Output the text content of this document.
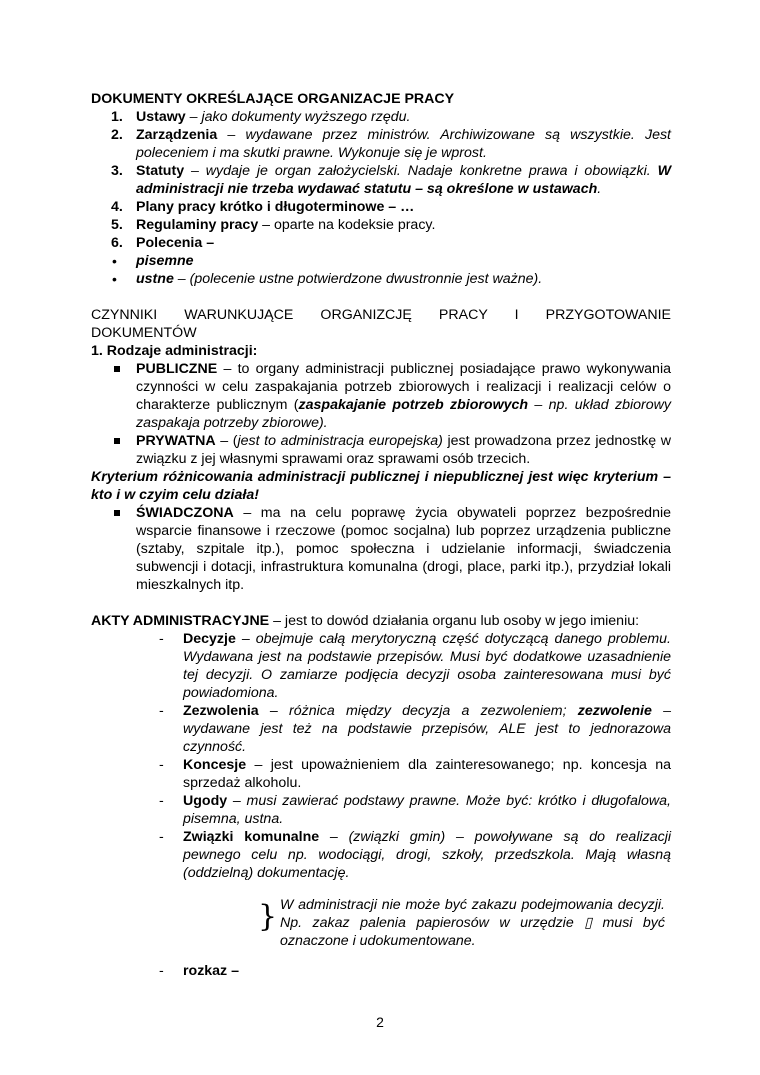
DOKUMENTY OKREŚLAJĄCE ORGANIZACJE PRACY

1. Ustawy – jako dokumenty wyższego rzędu.
2. Zarządzenia – wydawane przez ministrów. Archiwizowane są wszystkie. Jest poleceniem i ma skutki prawne. Wykonuje się je wprost.
3. Statuty – wydaje je organ założycielski. Nadaje konkretne prawa i obowiązki. W administracji nie trzeba wydawać statutu – są określone w ustawach.
4. Plany pracy krótko i długoterminowe – …
5. Regulaminy pracy – oparte na kodeksie pracy.
6. Polecenia –
• pisemne
• ustne – (polecenie ustne potwierdzone dwustronnie jest ważne).

CZYNNIKI WARUNKUJĄCE ORGANIZCJĘ PRACY I PRZYGOTOWANIE

DOKUMENTÓW

1. Rodzaje administracji:

PUBLICZNE – to organy administracji publicznej posiadające prawo wykonywania czynności w celu zaspakajania potrzeb zbiorowych i realizacji i realizacji celów o charakterze publicznym (zaspakajanie potrzeb zbiorowych – np. układ zbiorowy zaspakaja potrzeby zbiorowe).
PRYWATNA – (jest to administracja europejska) jest prowadzona przez jednostkę w związku z jej własnymi sprawami oraz sprawami osób trzecich.

Kryterium różnicowania administracji publicznej i niepublicznej jest więc kryterium – kto i w czyim celu działa!

ŚWIADCZONA – ma na celu poprawę życia obywateli poprzez bezpośrednie wsparcie finansowe i rzeczowe (pomoc socjalna) lub poprzez urządzenia publiczne (sztaby, szpitale itp.), pomoc społeczna i udzielanie informacji, świadczenia subwencji i dotacji, infrastruktura komunalna (drogi, place, parki itp.), przydział lokali mieszkalnych itp.

AKTY ADMINISTRACYJNE – jest to dowód działania organu lub osoby w jego imieniu:

- Decyzje – obejmuje całą merytoryczną część dotyczącą danego problemu. Wydawana jest na podstawie przepisów. Musi być dodatkowe uzasadnienie tej decyzji. O zamiarze podjęcia decyzji osoba zainteresowana musi być powiadomiona.
- Zezwolenia – różnica między decyzja a zezwoleniem; zezwolenie – wydawane jest też na podstawie przepisów, ALE jest to jednorazowa czynność.
- Koncesje – jest upoważnieniem dla zainteresowanego; np. koncesja na sprzedaż alkoholu.
- Ugody – musi zawierać podstawy prawne. Może być: krótko i długofalowa, pisemna, ustna.
- Związki komunalne – (związki gmin) – powoływane są do realizacji pewnego celu np. wodociągi, drogi, szkoły, przedszkola. Mają własną (oddzielną) dokumentację.
} W administracji nie może być zakazu podejmowania decyzji. Np. zakaz palenia papierosów w urzędzie ▯ musi być oznaczone i udokumentowane.

- rozkaz –
2
